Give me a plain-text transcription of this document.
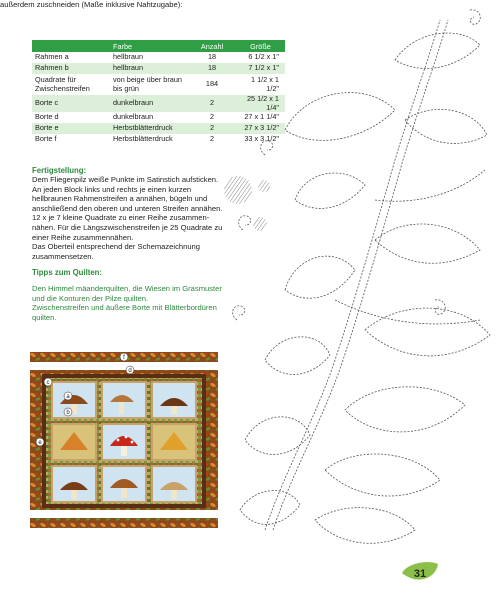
außerdem zuschneiden (Maße inklusive Nahtzugabe):
	Farbe	Anzahl	Größe
Rahmen a	hellbraun	18	6 1/2 x 1"
Rahmen b	hellbraun	18	7 1/2 x 1"
Quadrate für Zwischenstreifen	von beige über braun bis grün	184	1 1/2 x 1 1/2"
Borte c	dunkelbraun	2	25 1/2 x 1 1/4"
Borte d	dunkelbraun	2	27 x 1 1/4"
Borte e	Herbstblätterdruck	2	27 x 3 1/2"
Borte f	Herbstblätterdruck	2	33 x 3 1/2"
Fertigstellung:
Dem Fliegenpilz weiße Punkte im Satinstich aufsticken.
An jeden Block links und rechts je einen kurzen
hellbraunen Rahmenstreifen a annähen, bügeln und
anschließend den oberen und unteren Streifen annähen.
12 x je 7 kleine Quadrate zu einer Reihe zusammen-
nähen. Für die Längszwischenstreifen je 25 Quadrate zu
einer Reihe zusammennähen.
Das Oberteil entsprechend der Schemazeichnung
zusammensetzen.
Tipps zum Quilten:
Den Himmel mäanderquilten, die Wiesen im Grasmuster
und die Konturen der Pilze quilten.
Zwischenstreifen und äußere Borte mit Blätterbordüren
quilten.
f
d
c
e
a
b
31
